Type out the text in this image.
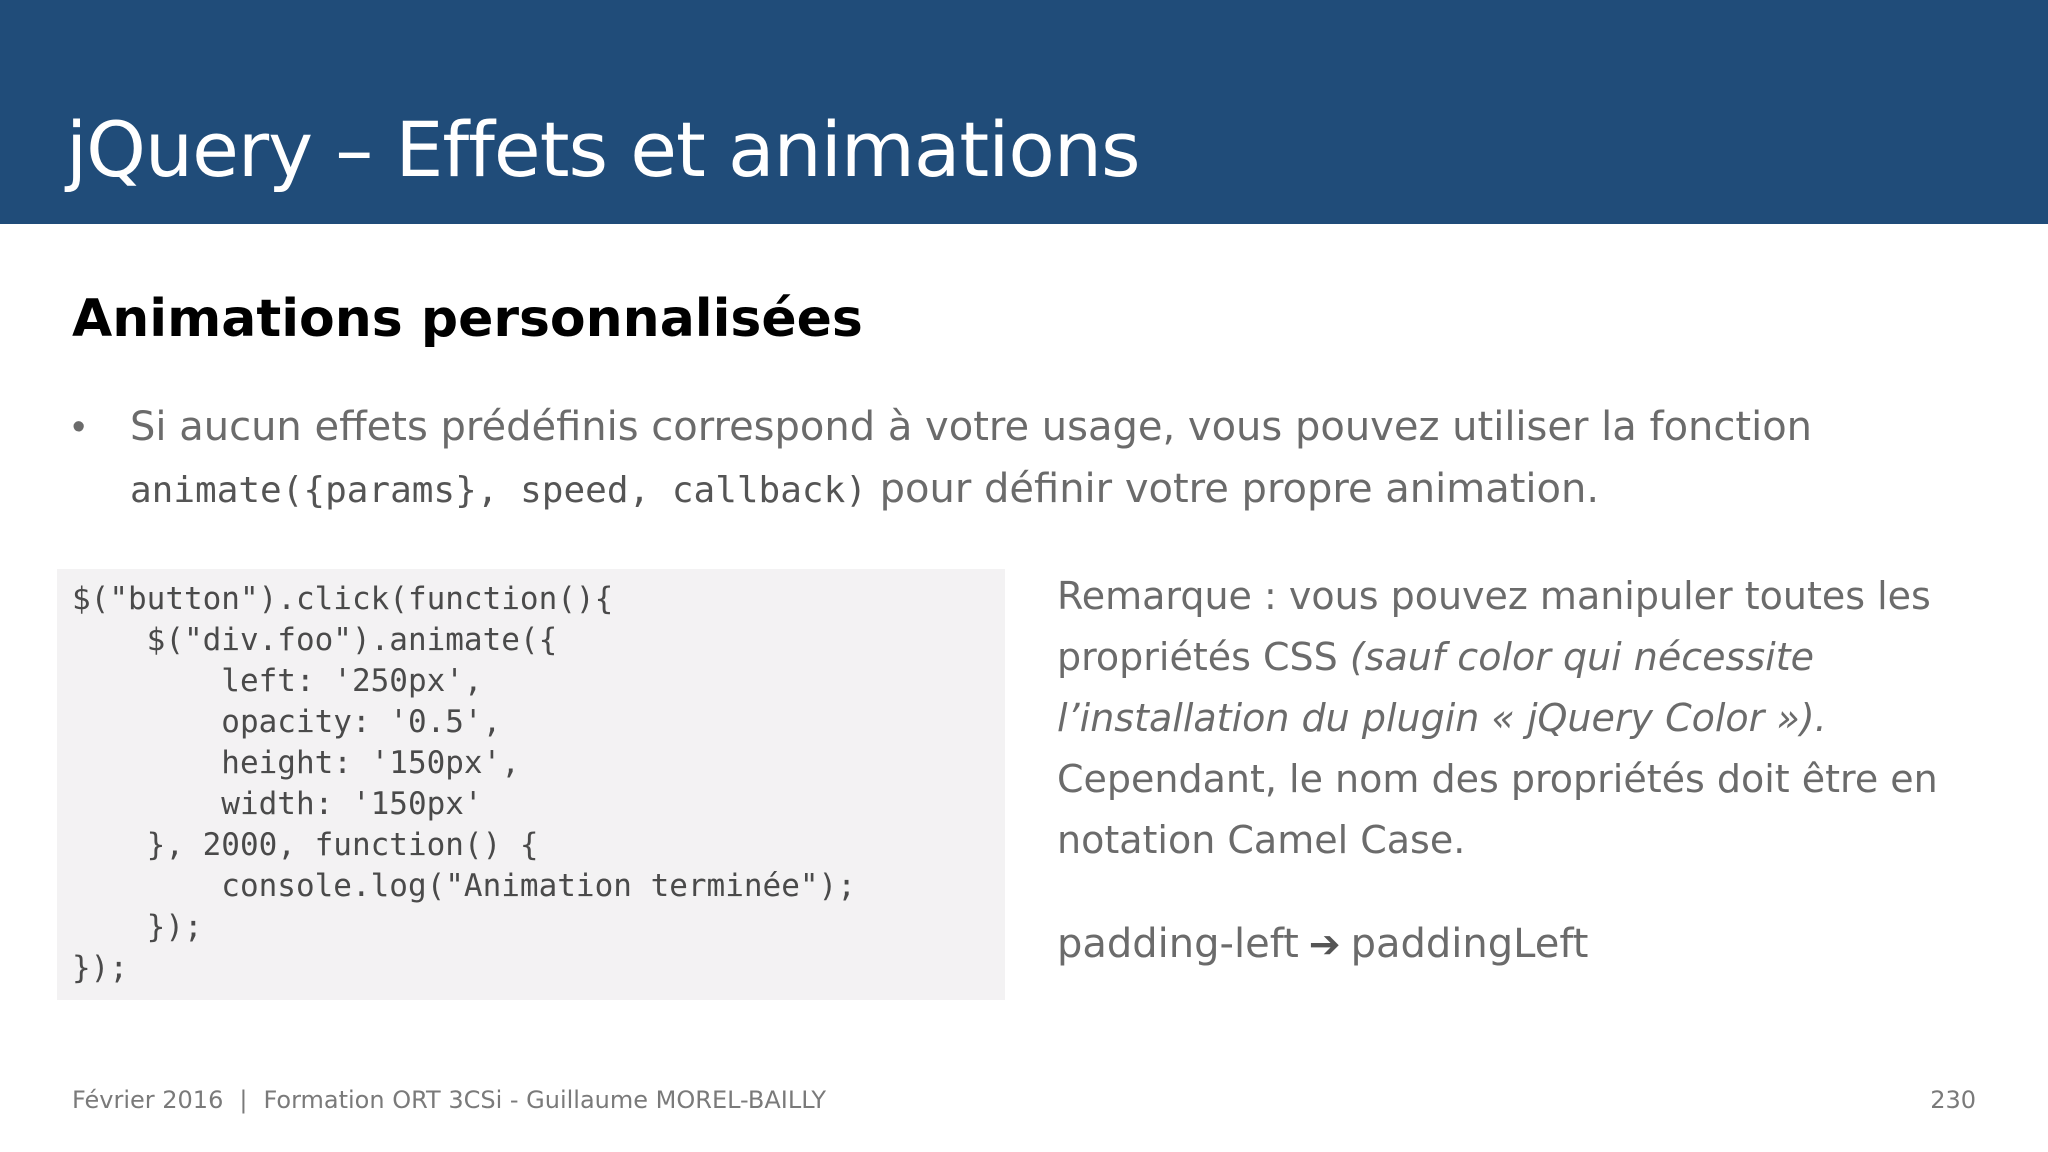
jQuery – Effets et animations
Animations personnalisées
• Si aucun effets prédéfinis correspond à votre usage, vous pouvez utiliser la fonction
animate({params}, speed, callback) pour définir votre propre animation.

$("button").click(function(){
$("div.foo").animate({
left: '250px',
opacity: '0.5',
height: '150px',
width: '150px'
}, 2000, function() {
console.log("Animation terminée");
});
});

Remarque : vous pouvez manipuler toutes les
propriétés CSS (sauf color qui nécessite
l’installation du plugin « jQuery Color »).
Cependant, le nom des propriétés doit être en
notation Camel Case.

padding-left ➔ paddingLeft

Février 2016 | Formation ORT 3CSi - Guillaume MOREL-BAILLY	230
